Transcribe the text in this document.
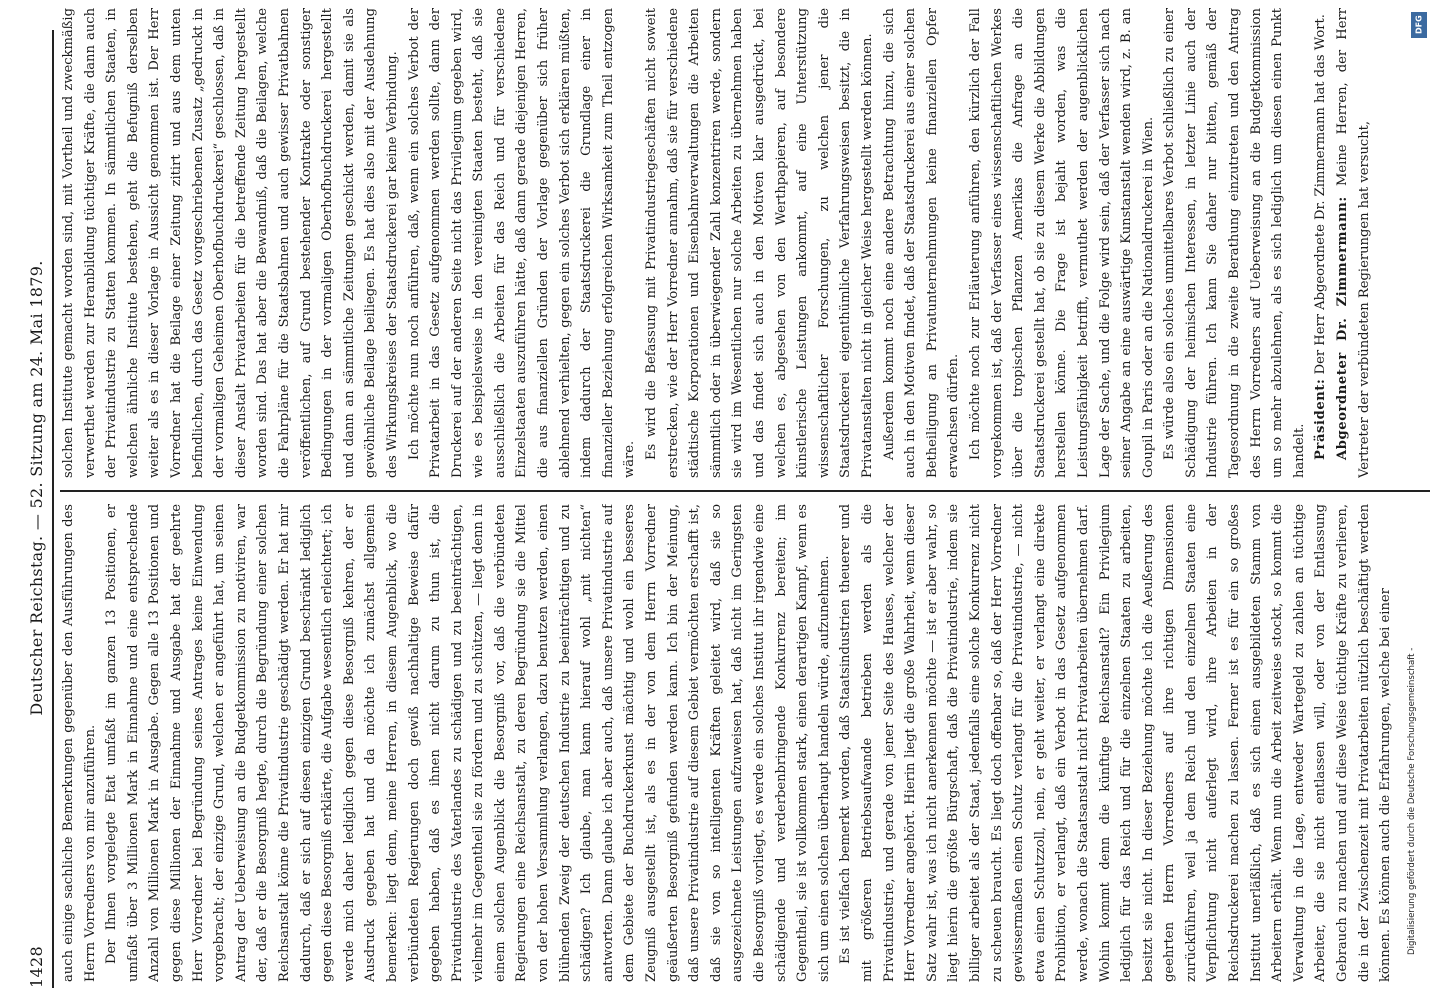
1428
Deutscher Reichstag. — 52. Sitzung am 24. Mai 1879.

auch einige sachliche Bemerkungen gegenüber den Ausführungen des Herrn Vorredners von mir anzuführen. Der Ihnen vorgelegte Etat umfaßt im ganzen 13 Positionen, er umfaßt über 3 Millionen Mark in Einnahme und eine entsprechende Anzahl von Millionen Mark in Ausgabe. Gegen alle 13 Positionen und gegen diese Millionen der Einnahme und Ausgabe hat der geehrte Herr Vorredner bei Begründung seines Antrages keine Einwendung vorgebracht; der einzige Grund, welchen er angeführt hat, um seinen Antrag der Ueberweisung an die Budgetkommission zu motiviren, war der, daß er die Besorgniß hegte, durch die Begründung einer solchen Reichsanstalt könne die Privatindustrie geschädigt werden. Er hat mir dadurch, daß er sich auf diesen einzigen Grund beschränkt lediglich gegen diese Besorgniß erklärte, die Aufgabe wesentlich erleichtert; ich werde mich daher lediglich gegen diese Besorgniß kehren, der er Ausdruck gegeben hat und da möchte ich zunächst allgemein bemerken: liegt denn, meine Herren, in diesem Augenblick, wo die verbündeten Regierungen doch gewiß nachhaltige Beweise dafür gegeben haben, daß es ihnen nicht darum zu thun ist, die Privatindustrie des Vaterlandes zu schädigen und zu beeinträchtigen, vielmehr im Gegentheil sie zu fördern und zu schützen, — liegt denn in einem solchen Augenblick die Besorgniß vor, daß die verbündeten Regierungen eine Reichsanstalt, zu deren Begründung sie die Mittel von der hohen Versammlung verlangen, dazu benutzen werden, einen blühenden Zweig der deutschen Industrie zu beeinträchtigen und zu schädigen? Ich glaube, man kann hierauf wohl „mit nichten“ antworten. Dann glaube ich aber auch, daß unsere Privatindustrie auf dem Gebiete der Buchdruckerkunst mächtig und wohl ein besseres Zeugniß ausgestellt ist, als es in der von dem Herrn Vorredner geäußerten Besorgniß gefunden werden kann. Ich bin der Meinung, daß unsere Privatindustrie auf diesem Gebiet vermöchten erschafft ist, daß sie von so intelligenten Kräften geleitet wird, daß sie so ausgezeichnete Leistungen aufzuweisen hat, daß nicht im Geringsten die Besorgniß vorliegt, es werde ein solches Institut ihr irgendwie eine schädigende und verderbenbringende Konkurrenz bereiten; im Gegentheil, sie ist vollkommen stark, einen derartigen Kampf, wenn es sich um einen solchen überhaupt handeln würde, aufzunehmen. Es ist vielfach bemerkt worden, daß Staatsindustrien theuerer und mit größeren Betriebsaufwande betrieben werden als die Privatindustrie, und gerade von jener Seite des Hauses, welcher der Herr Vorredner angehört. Hierin liegt die große Wahrheit, wenn dieser Satz wahr ist, was ich nicht anerkennen möchte — ist er aber wahr, so liegt hierin die größte Bürgschaft, daß die Privatindustrie, indem sie billiger arbeitet als der Staat, jedenfalls eine solche Konkurrenz nicht zu scheuen braucht. Es liegt doch offenbar so, daß der Herr Vorredner gewissermaßen einen Schutz verlangt für die Privatindustrie, — nicht etwa einen Schutzzoll, nein, er geht weiter, er verlangt eine direkte Prohibition, er verlangt, daß ein Verbot in das Gesetz aufgenommen werde, wonach die Staatsanstalt nicht Privatarbeiten übernehmen darf. Wohin kommt denn die künftige Reichsanstalt? Ein Privilegium lediglich für das Reich und für die einzelnen Staaten zu arbeiten, besitzt sie nicht. In dieser Beziehung möchte ich die Aeußerung des geehrten Herrn Vorredners auf ihre richtigen Dimensionen zurückführen, weil ja dem Reich und den einzelnen Staaten eine Verpflichtung nicht auferlegt wird, ihre Arbeiten in der Reichsdruckerei machen zu lassen. Ferner ist es für ein so großes Institut unerläßlich, daß es sich einen ausgebildeten Stamm von Arbeitern erhält. Wenn nun die Arbeit zeitweise stockt, so kommt die Verwaltung in die Lage, entweder Wartegeld zu zahlen an tüchtige Arbeiter, die sie nicht entlassen will, oder von der Entlassung Gebrauch zu machen und auf diese Weise tüchtige Kräfte zu verlieren, die in der Zwischenzeit mit Privatarbeiten nützlich beschäftigt werden können. Es können auch die Erfahrungen, welche bei einer

solchen Institute gemacht worden sind, mit Vortheil und zweckmäßig verwerthet werden zur Heranbildung tüchtiger Kräfte, die dann auch der Privatindustrie zu Statten kommen. In sämmtlichen Staaten, in welchen ähnliche Institute bestehen, geht die Befugniß derselben weiter als es in dieser Vorlage in Aussicht genommen ist. Der Herr Vorredner hat die Beilage einer Zeitung zitirt und aus dem unten befindlichen, durch das Gesetz vorgeschriebenen Zusatz „gedruckt in der vormaligen Geheimen Oberhofbuchdruckerei“ geschlossen, daß in dieser Anstalt Privatarbeiten für die betreffende Zeitung hergestellt worden sind. Das hat aber die Bewandniß, daß die Beilagen, welche die Fahrpläne für die Staatsbahnen und auch gewisser Privatbahnen veröffentlichen, auf Grund bestehender Kontrakte oder sonstiger Bedingungen in der vormaligen Oberhofbuchdruckerei hergestellt und dann an sämmtliche Zeitungen geschickt werden, damit sie als gewöhnliche Beilage beiliegen. Es hat dies also mit der Ausdehnung des Wirkungskreises der Staatsdruckerei gar keine Verbindung. Ich möchte nun noch anführen, daß, wenn ein solches Verbot der Privatarbeit in das Gesetz aufgenommen werden sollte, dann der Druckerei auf der anderen Seite nicht das Privilegium gegeben wird, wie es beispielsweise in den vereinigten Staaten besteht, daß sie ausschließlich die Arbeiten für das Reich und für verschiedene Einzelstaaten auszuführen hätte, daß dann gerade diejenigen Herren, die aus finanziellen Gründen der Vorlage gegenüber sich früher ablehnend verhielten, gegen ein solches Verbot sich erklären müßten, indem dadurch der Staatsdruckerei die Grundlage einer in finanzieller Beziehung erfolgreichen Wirksamkeit zum Theil entzogen wäre. Es wird die Befassung mit Privatindustriegeschäften nicht soweit erstrecken, wie der Herr Vorredner annahm, daß sie für verschiedene städtische Korporationen und Eisenbahnverwaltungen die Arbeiten sämmtlich oder in überwiegender Zahl konzentriren werde, sondern sie wird im Wesentlichen nur solche Arbeiten zu übernehmen haben und das findet sich auch in den Motiven klar ausgedrückt, bei welchen es, abgesehen von den Werthpapieren, auf besondere künstlerische Leistungen ankommt, auf eine Unterstützung wissenschaftlicher Forschungen, zu welchen jener die Staatsdruckerei eigenthümliche Verfahrungsweisen besitzt, die in Privatanstalten nicht in gleicher Weise hergestellt werden können. Außerdem kommt noch eine andere Betrachtung hinzu, die sich auch in den Motiven findet, daß der Staatsdruckerei aus einer solchen Betheiligung an Privatunternehmungen keine finanziellen Opfer erwachsen dürfen. Ich möchte noch zur Erläuterung anführen, den kürzlich der Fall vorgekommen ist, daß der Verfasser eines wissenschaftlichen Werkes über die tropischen Pflanzen Amerikas die Anfrage an die Staatsdruckerei gestellt hat, ob sie zu diesem Werke die Abbildungen herstellen könne. Die Frage ist bejaht worden, was die Leistungsfähigkeit betrifft, vermuthet werden der augenblicklichen Lage der Sache, und die Folge wird sein, daß der Verfasser sich nach seiner Angabe an eine auswärtige Kunstanstalt wenden wird, z. B. an Goupil in Paris oder an die Nationaldruckerei in Wien. Es würde also ein solches unmittelbares Verbot schließlich zu einer Schädigung der heimischen Interessen, in letzter Linie auch der Industrie führen. Ich kann Sie daher nur bitten, gemäß der Tagesordnung in die zweite Berathung einzutreten und den Antrag des Herrn Vorredners auf Ueberweisung an die Budgetkommission um so mehr abzulehnen, als es sich lediglich um diesen einen Punkt handelt. Präsident: Der Herr Abgeordnete Dr. Zimmermann hat das Wort. Abgeordneter Dr. Zimmermann: Meine Herren, der Herr Vertreter der verbündeten Regierungen hat versucht,

DFG
Digitalisierung gefördert durch die Deutsche Forschungsgemeinschaft -
